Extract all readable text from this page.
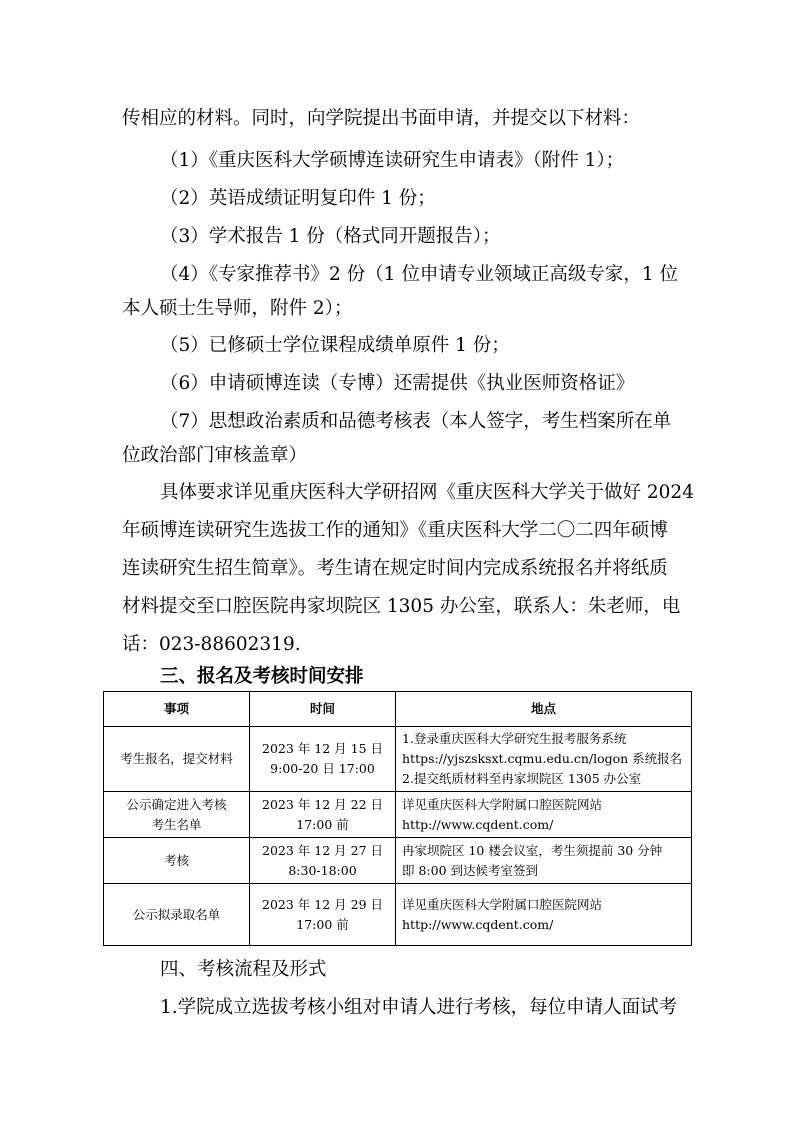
传相应的材料。同时，向学院提出书面申请，并提交以下材料：
（1）《重庆医科大学硕博连读研究生申请表》（附件 1）；
（2）英语成绩证明复印件 1 份；
（3）学术报告 1 份（格式同开题报告）；
（4）《专家推荐书》2 份（1 位申请专业领域正高级专家，1 位
本人硕士生导师，附件 2）；
（5）已修硕士学位课程成绩单原件 1 份；
（6）申请硕博连读（专博）还需提供《执业医师资格证》
（7）思想政治素质和品德考核表（本人签字，考生档案所在单
位政治部门审核盖章）
具体要求详见重庆医科大学研招网《重庆医科大学关于做好 2024
年硕博连读研究生选拔工作的通知》《重庆医科大学二〇二四年硕博
连读研究生招生简章》。考生请在规定时间内完成系统报名并将纸质
材料提交至口腔医院冉家坝院区 1305 办公室，联系人：朱老师，电
话：023-88602319.
三、报名及考核时间安排
事项	时间	地点

考生报名，提交材料	2023 年 12 月 15 日
9:00-20 日 17:00	1.登录重庆医科大学研究生报考服务系统
https://yjszsksxt.cqmu.edu.cn/logon 系统报名
2.提交纸质材料至冉家坝院区 1305 办公室

公示确定进入考核
考生名单	2023 年 12 月 22 日
17:00 前	详见重庆医科大学附属口腔医院网站
http://www.cqdent.com/

考核	2023 年 12 月 27 日
8:30-18:00	冉家坝院区 10 楼会议室，考生须提前 30 分钟
即 8:00 到达候考室签到

公示拟录取名单	2023 年 12 月 29 日
17:00 前	详见重庆医科大学附属口腔医院网站
http://www.cqdent.com/
四、考核流程及形式
1.学院成立选拔考核小组对申请人进行考核，每位申请人面试考
